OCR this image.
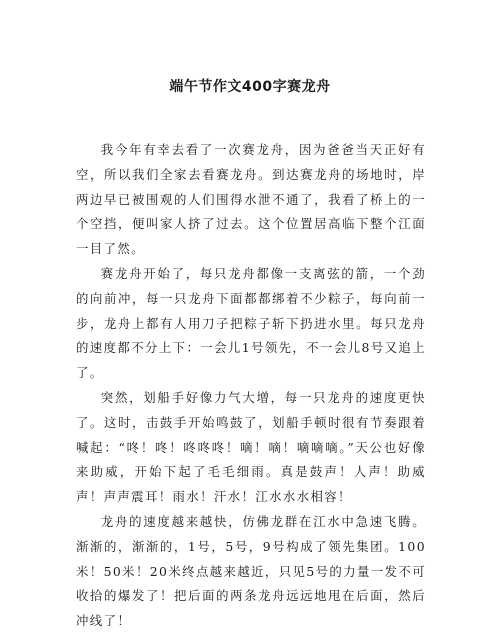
端午节作文400字赛龙舟

我今年有幸去看了一次赛龙舟，因为爸爸当天正好有空，所以我们全家去看赛龙舟。到达赛龙舟的场地时，岸两边早已被围观的人们围得水泄不通了，我看了桥上的一个空挡，便叫家人挤了过去。这个位置居高临下整个江面一目了然。

赛龙舟开始了，每只龙舟都像一支离弦的箭，一个劲的向前冲，每一只龙舟下面都都绑着不少粽子，每向前一步，龙舟上都有人用刀子把粽子斩下扔进水里。每只龙舟的速度都不分上下：一会儿1号领先，不一会儿8号又追上了。

突然，划船手好像力气大增，每一只龙舟的速度更快了。这时，击鼓手开始鸣鼓了，划船手顿时很有节奏跟着喊起：“咚！咚！咚咚咚！嘀！嘀！嘀嘀嘀。”天公也好像来助威，开始下起了毛毛细雨。真是鼓声！人声！助威声！声声震耳！雨水！汗水！江水水水相容！

龙舟的速度越来越快，仿佛龙群在江水中急速飞腾。渐渐的，渐渐的，1号，5号，9号构成了领先集团。100米！50米！20米终点越来越近，只见5号的力量一发不可收拾的爆发了！把后面的两条龙舟远远地甩在后面，然后冲线了！
